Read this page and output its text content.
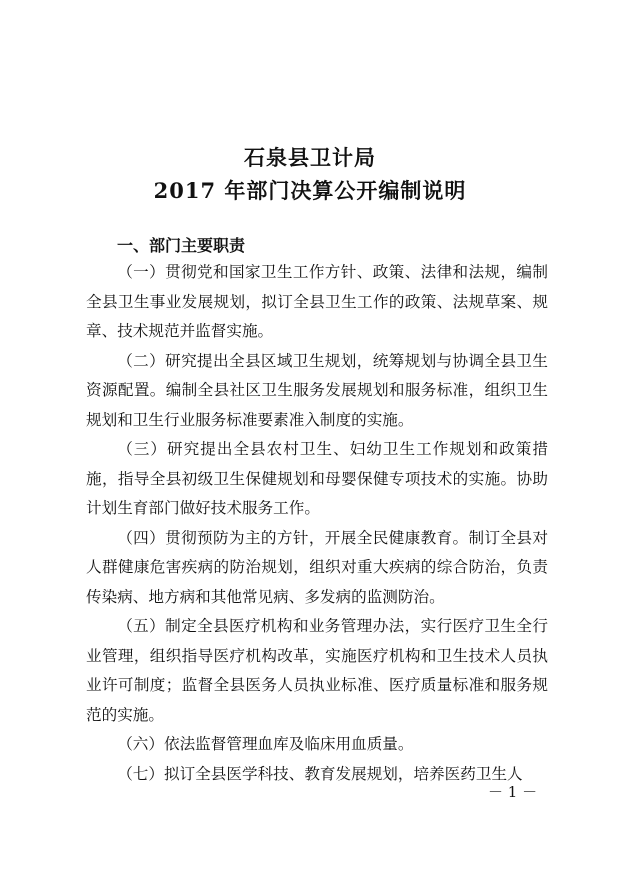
石泉县卫计局
2017 年部门决算公开编制说明
一、部门主要职责

（一）贯彻党和国家卫生工作方针、政策、法律和法规，编制全县卫生事业发展规划，拟订全县卫生工作的政策、法规草案、规章、技术规范并监督实施。

（二）研究提出全县区域卫生规划，统筹规划与协调全县卫生资源配置。编制全县社区卫生服务发展规划和服务标准，组织卫生规划和卫生行业服务标准要素准入制度的实施。

（三）研究提出全县农村卫生、妇幼卫生工作规划和政策措施，指导全县初级卫生保健规划和母婴保健专项技术的实施。协助计划生育部门做好技术服务工作。

（四）贯彻预防为主的方针，开展全民健康教育。制订全县对人群健康危害疾病的防治规划，组织对重大疾病的综合防治，负责传染病、地方病和其他常见病、多发病的监测防治。

（五）制定全县医疗机构和业务管理办法，实行医疗卫生全行业管理，组织指导医疗机构改革，实施医疗机构和卫生技术人员执业许可制度；监督全县医务人员执业标准、医疗质量标准和服务规范的实施。

（六）依法监督管理血库及临床用血质量。

（七）拟订全县医学科技、教育发展规划，培养医药卫生人

－ 1 －
